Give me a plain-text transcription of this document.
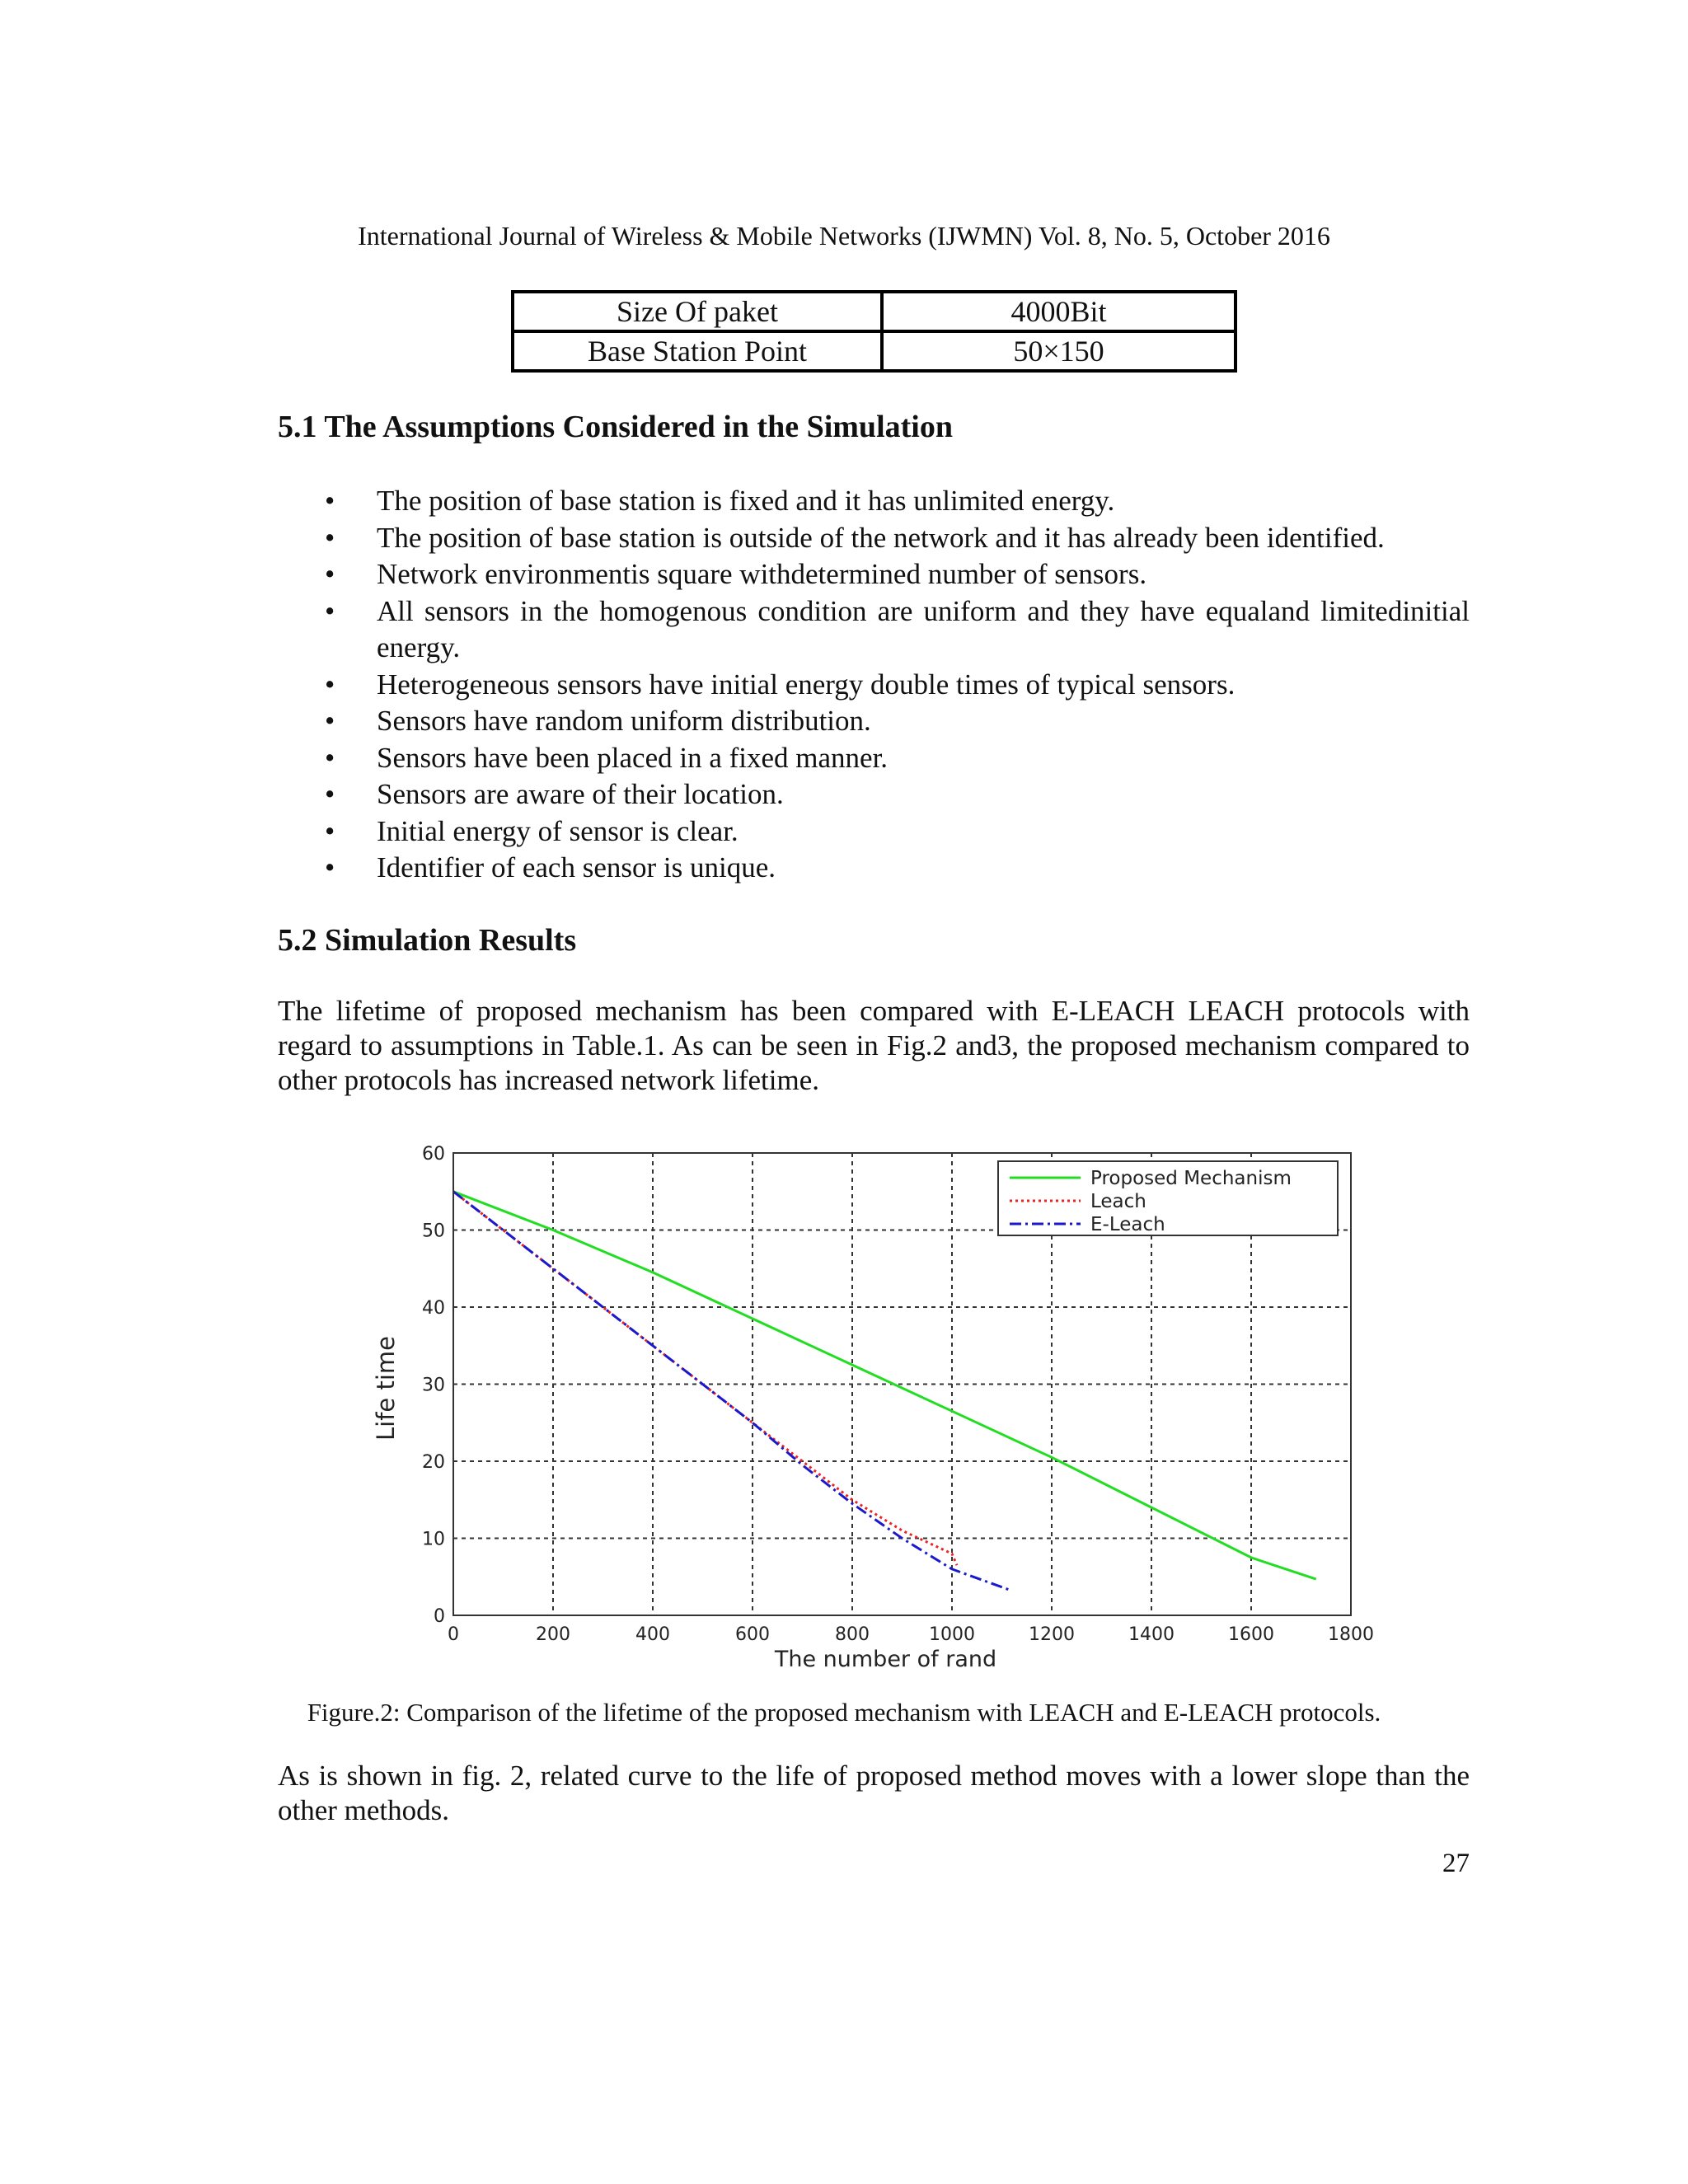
International Journal of Wireless & Mobile Networks (IJWMN) Vol. 8, No. 5, October 2016
Size Of paket	4000Bit
Base Station Point	50×150
5.1 The Assumptions Considered in the Simulation
• The position of base station is fixed and it has unlimited energy.
• The position of base station is outside of the network and it has already been identified.
• Network environmentis square withdetermined number of sensors.
• All sensors in the homogenous condition are uniform and they have equaland limitedinitial energy.
• Heterogeneous sensors have initial energy double times of typical sensors.
• Sensors have random uniform distribution.
• Sensors have been placed in a fixed manner.
• Sensors are aware of their location.
• Initial energy of sensor is clear.
• Identifier of each sensor is unique.
5.2 Simulation Results

The lifetime of proposed mechanism has been compared with E-LEACH LEACH protocols with regard to assumptions in Table.1. As can be seen in Fig.2 and3, the proposed mechanism compared to other protocols has increased network lifetime.

0	200	400	600	800	1000	1200	1400	1600	1800
0
10
20
30
40
50
60
The number of rand
Life time
Proposed Mechanism
Leach
E-Leach
Figure.2: Comparison of the lifetime of the proposed mechanism with LEACH and E-LEACH protocols.

As is shown in fig. 2, related curve to the life of proposed method moves with a lower slope than the other methods.

27
